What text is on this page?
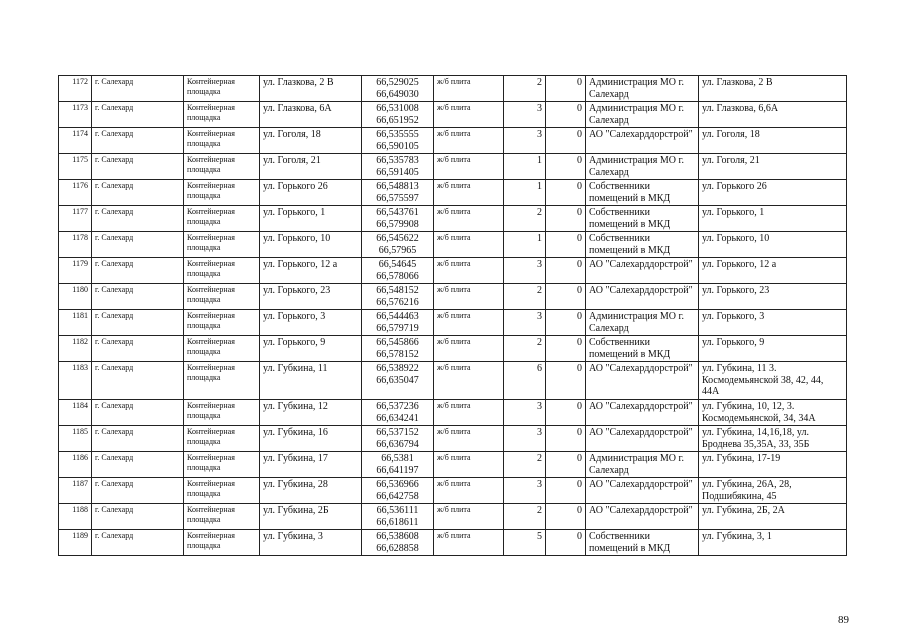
1172	г. Салехард	Контейнерная площадка	ул. Глазкова, 2 В	66,529025
66,649030	ж/б плита	2	0	Администрация МО г. Салехард	ул. Глазкова, 2 В
1173	г. Салехард	Контейнерная площадка	ул. Глазкова, 6А	66,531008
66,651952	ж/б плита	3	0	Администрация МО г. Салехард	ул. Глазкова, 6,6А
1174	г. Салехард	Контейнерная площадка	ул. Гоголя, 18	66,535555
66,590105	ж/б плита	3	0	АО "Салехарддорстрой"	ул. Гоголя, 18
1175	г. Салехард	Контейнерная площадка	ул. Гоголя, 21	66,535783
66,591405	ж/б плита	1	0	Администрация МО г. Салехард	ул. Гоголя, 21
1176	г. Салехард	Контейнерная площадка	ул. Горького 26	66,548813
66,575597	ж/б плита	1	0	Собственники помещений в МКД	ул. Горького 26
1177	г. Салехард	Контейнерная площадка	ул. Горького, 1	66,543761
66,579908	ж/б плита	2	0	Собственники помещений в МКД	ул. Горького, 1
1178	г. Салехард	Контейнерная площадка	ул. Горького, 10	66,545622
66,57965	ж/б плита	1	0	Собственники помещений в МКД	ул. Горького, 10
1179	г. Салехард	Контейнерная площадка	ул. Горького, 12 а	66,54645
66,578066	ж/б плита	3	0	АО "Салехарддорстрой"	ул. Горького, 12 а
1180	г. Салехард	Контейнерная площадка	ул. Горького, 23	66,548152
66,576216	ж/б плита	2	0	АО "Салехарддорстрой"	ул. Горького, 23
1181	г. Салехард	Контейнерная площадка	ул. Горького, 3	66,544463
66,579719	ж/б плита	3	0	Администрация МО г. Салехард	ул. Горького, 3
1182	г. Салехард	Контейнерная площадка	ул. Горького, 9	66,545866
66,578152	ж/б плита	2	0	Собственники помещений в МКД	ул. Горького, 9
1183	г. Салехард	Контейнерная площадка	ул. Губкина, 11	66,538922
66,635047	ж/б плита	6	0	АО "Салехарддорстрой"	ул. Губкина, 11 3. Космодемьянской 38, 42, 44, 44А
1184	г. Салехард	Контейнерная площадка	ул. Губкина, 12	66,537236
66,634241	ж/б плита	3	0	АО "Салехарддорстрой"	ул. Губкина, 10, 12, 3. Космодемьянской, 34, 34А
1185	г. Салехард	Контейнерная площадка	ул. Губкина, 16	66,537152
66,636794	ж/б плита	3	0	АО "Салехарддорстрой"	ул. Губкина, 14,16,18, ул. Броднева 35,35А, 33, 35Б
1186	г. Салехард	Контейнерная площадка	ул. Губкина, 17	66,5381
66,641197	ж/б плита	2	0	Администрация МО г. Салехард	ул. Губкина, 17-19
1187	г. Салехард	Контейнерная площадка	ул. Губкина, 28	66,536966
66,642758	ж/б плита	3	0	АО "Салехарддорстрой"	ул. Губкина, 26А, 28, Подшибякина, 45
1188	г. Салехард	Контейнерная площадка	ул. Губкина, 2Б	66,536111
66,618611	ж/б плита	2	0	АО "Салехарддорстрой"	ул. Губкина, 2Б, 2А
1189	г. Салехард	Контейнерная площадка	ул. Губкина, 3	66,538608
66,628858	ж/б плита	5	0	Собственники помещений в МКД	ул. Губкина, 3, 1
89
